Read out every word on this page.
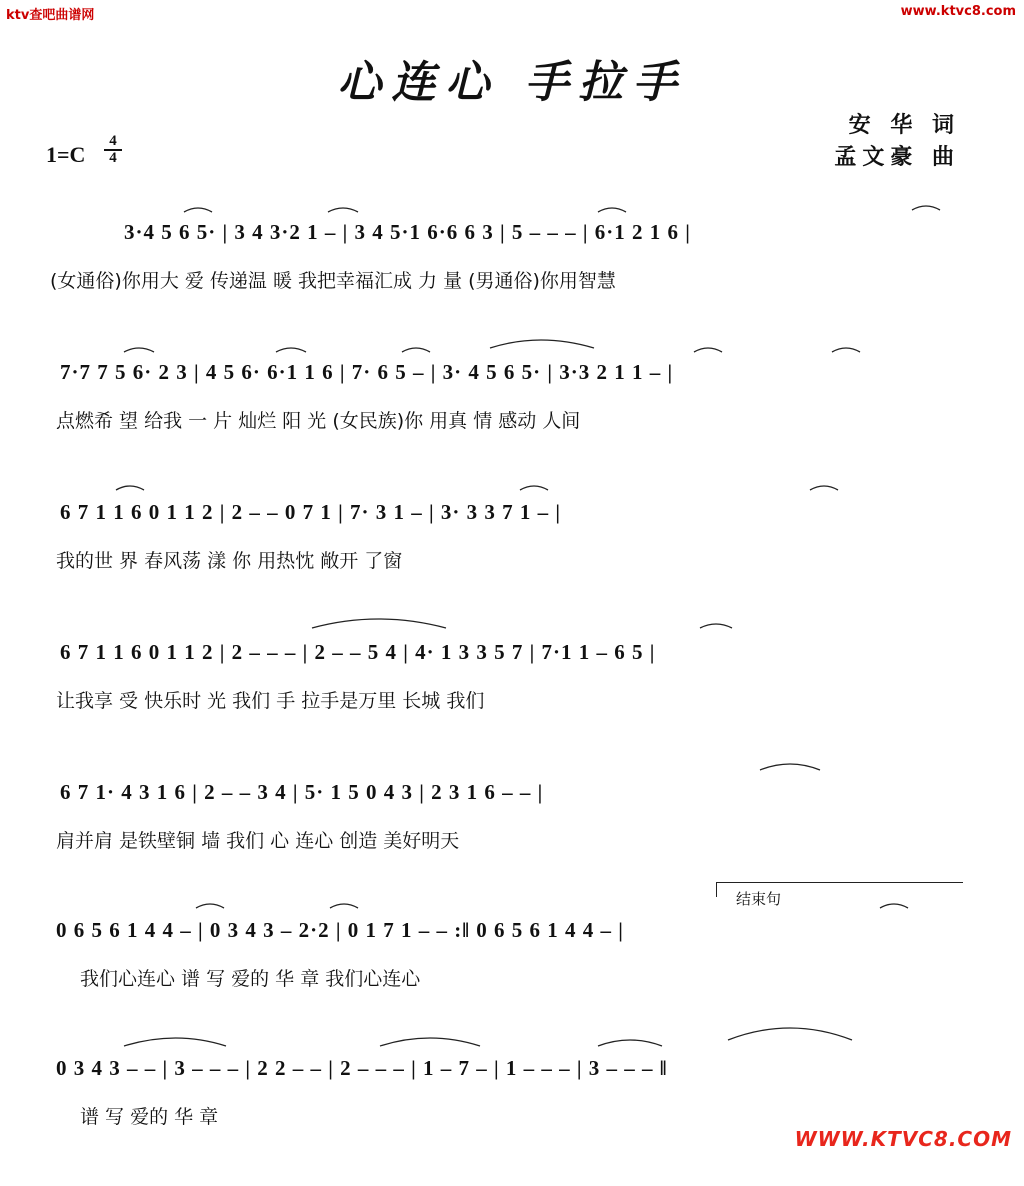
ktv查吧曲谱网	www.ktvc8.com
WWW.KTVC8.COM
心连心 手拉手
安 华 词
孟文豪 曲
1=C
4
4
结束句
3·4 5 6 5· | 3 4 3·2 1 – | 3 4 5·1 6·6 6 3 | 5 – – – | 6·1 2 1 6 |
(女通俗)你用大 爱 传递温 暖 我把幸福汇成 力 量 (男通俗)你用智慧
7·7 7 5 6· 2 3 | 4 5 6· 6·1 1 6 | 7· 6 5 – | 3· 4 5 6 5· | 3·3 2 1 1 – |
点燃希 望 给我 一 片 灿烂 阳 光 (女民族)你 用真 情 感动 人间
6 7 1 1 6 0 1 1 2 | 2 – – 0 7 1 | 7· 3 1 – | 3· 3 3 7 1 – |
我的世 界 春风荡 漾 你 用热忱 敞开 了窗
6 7 1 1 6 0 1 1 2 | 2 – – – | 2 – – 5 4 | 4· 1 3 3 5 7 | 7·1 1 – 6 5 |
让我享 受 快乐时 光 我们 手 拉手是万里 长城 我们
6 7 1· 4 3 1 6 | 2 – – 3 4 | 5· 1 5 0 4 3 | 2 3 1 6 – – |
肩并肩 是铁壁铜 墙 我们 心 连心 创造 美好明天
0 6 5 6 1 4 4 – | 0 3 4 3 – 2·2 | 0 1 7 1 – – :‖ 0 6 5 6 1 4 4 – |
我们心连心 谱 写 爱的 华 章 我们心连心
0 3 4 3 – – | 3 – – – | 2 2 – – | 2 – – – | 1 – 7 – | 1 – – – | 3 – – – ‖
谱 写 爱的 华 章
